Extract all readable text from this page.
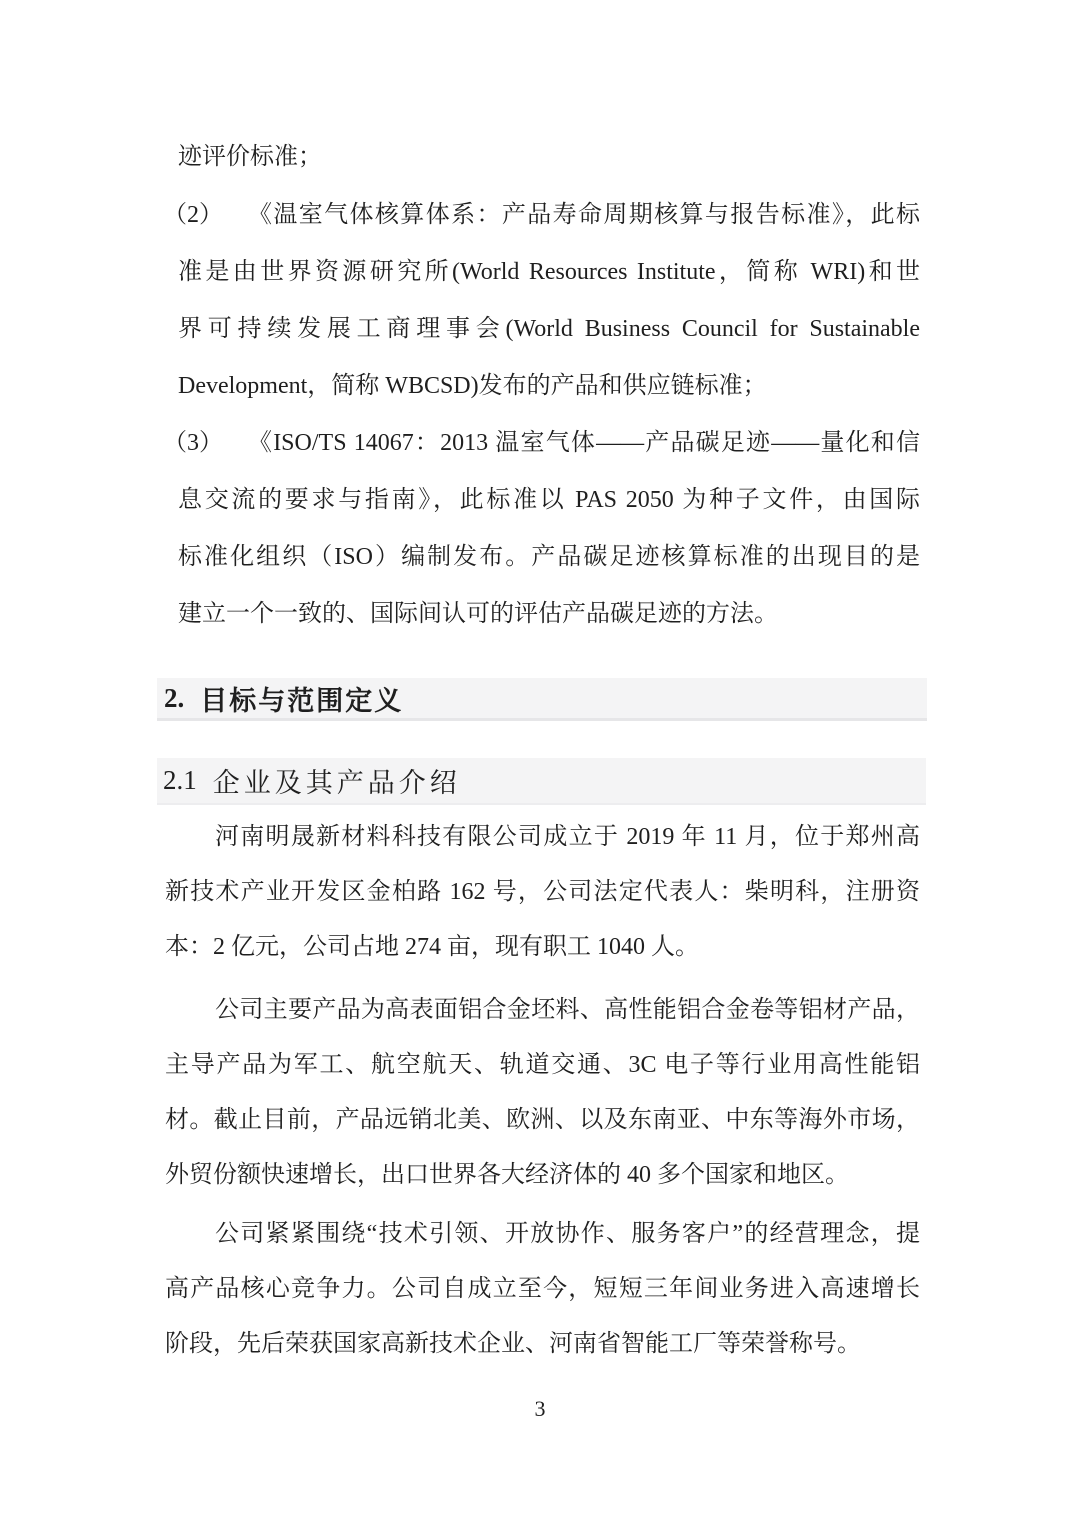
迹评价标准；
（2） 《温室气体核算体系：产品寿命周期核算与报告标准》，此标
准是由世界资源研究所(World Resources Institute，简称 WRI)和世
界可持续发展工商理事会(World Business Council for Sustainable
Development，简称 WBCSD)发布的产品和供应链标准；
（3） 《ISO/TS 14067：2013 温室气体——产品碳足迹——量化和信
息交流的要求与指南》，此标准以 PAS 2050 为种子文件，由国际
标准化组织（ISO）编制发布。产品碳足迹核算标准的出现目的是
建立一个一致的、国际间认可的评估产品碳足迹的方法。
2. 目标与范围定义
2.1 企业及其产品介绍
河南明晟新材料科技有限公司成立于 2019 年 11 月，位于郑州高
新技术产业开发区金柏路 162 号，公司法定代表人：柴明科，注册资
本：2 亿元，公司占地 274 亩，现有职工 1040 人。
公司主要产品为高表面铝合金坯料、高性能铝合金卷等铝材产品，
主导产品为军工、航空航天、轨道交通、3C 电子等行业用高性能铝
材。截止目前，产品远销北美、欧洲、以及东南亚、中东等海外市场，
外贸份额快速增长，出口世界各大经济体的 40 多个国家和地区。
公司紧紧围绕“技术引领、开放协作、服务客户”的经营理念，提
高产品核心竞争力。公司自成立至今，短短三年间业务进入高速增长
阶段，先后荣获国家高新技术企业、河南省智能工厂等荣誉称号。
3
